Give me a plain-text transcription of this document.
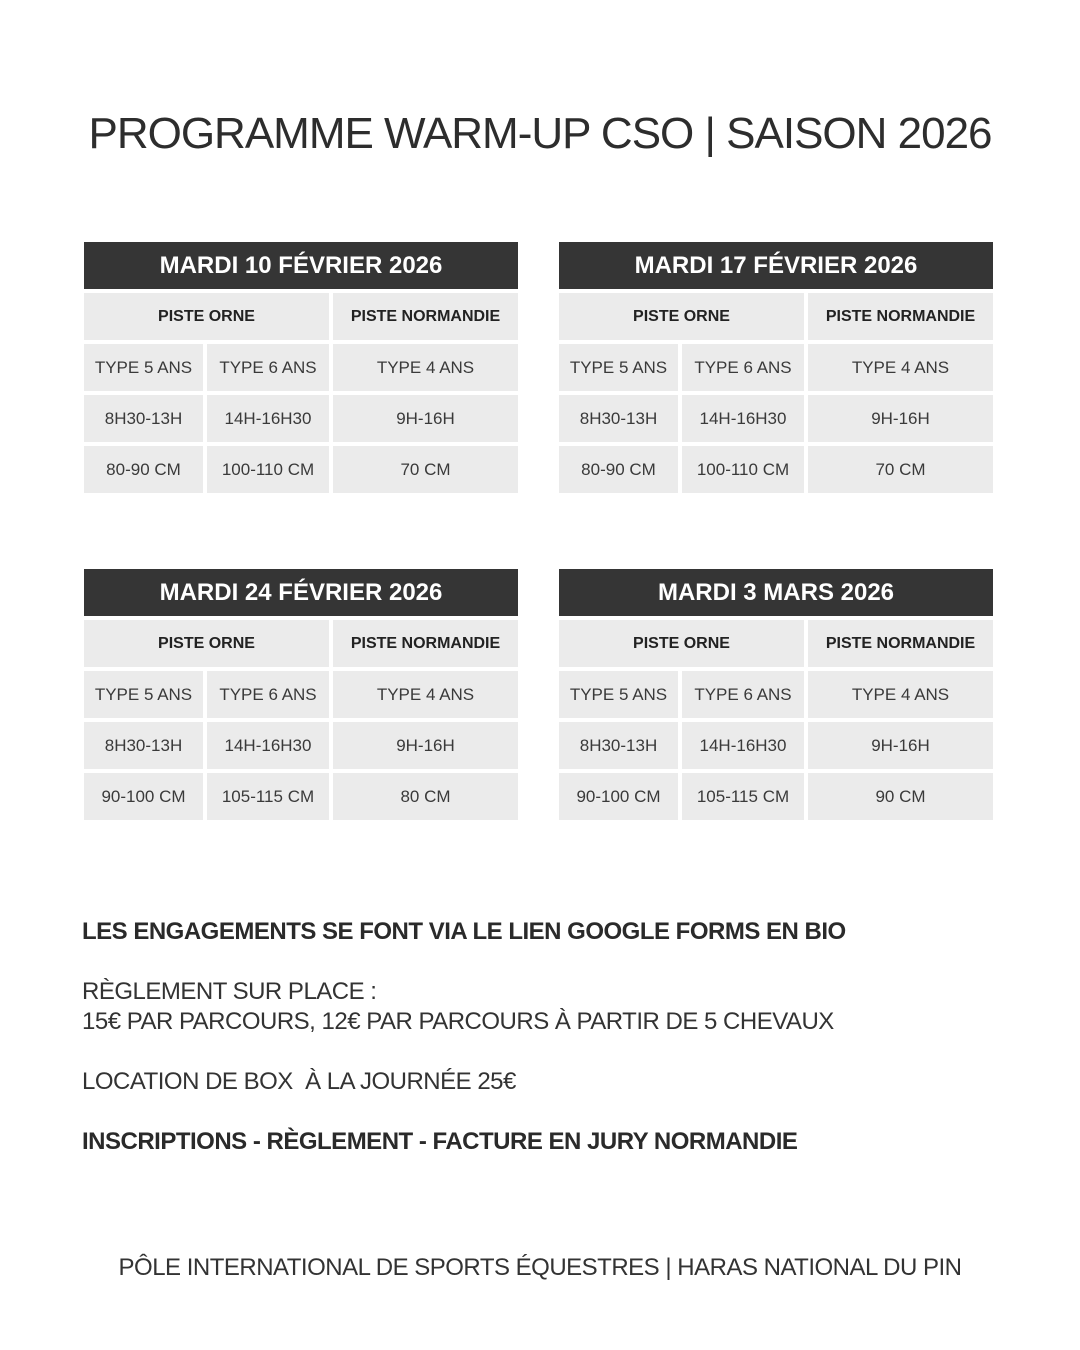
PROGRAMME WARM-UP CSO | SAISON 2026
MARDI 10 FÉVRIER 2026
PISTE ORNE	PISTE NORMANDIE
TYPE 5 ANS	TYPE 6 ANS	TYPE 4 ANS
8H30-13H	14H-16H30	9H-16H
80-90 CM	100-110 CM	70 CM
MARDI 17 FÉVRIER 2026
PISTE ORNE	PISTE NORMANDIE
TYPE 5 ANS	TYPE 6 ANS	TYPE 4 ANS
8H30-13H	14H-16H30	9H-16H
80-90 CM	100-110 CM	70 CM
MARDI 24 FÉVRIER 2026
PISTE ORNE	PISTE NORMANDIE
TYPE 5 ANS	TYPE 6 ANS	TYPE 4 ANS
8H30-13H	14H-16H30	9H-16H
90-100 CM	105-115 CM	80 CM
MARDI 3 MARS 2026
PISTE ORNE	PISTE NORMANDIE
TYPE 5 ANS	TYPE 6 ANS	TYPE 4 ANS
8H30-13H	14H-16H30	9H-16H
90-100 CM	105-115 CM	90 CM
LES ENGAGEMENTS SE FONT VIA LE LIEN GOOGLE FORMS EN BIO
RÈGLEMENT SUR PLACE :
15€ PAR PARCOURS, 12€ PAR PARCOURS À PARTIR DE 5 CHEVAUX
LOCATION DE BOX  À LA JOURNÉE 25€
INSCRIPTIONS - RÈGLEMENT - FACTURE EN JURY NORMANDIE
PÔLE INTERNATIONAL DE SPORTS ÉQUESTRES | HARAS NATIONAL DU PIN
